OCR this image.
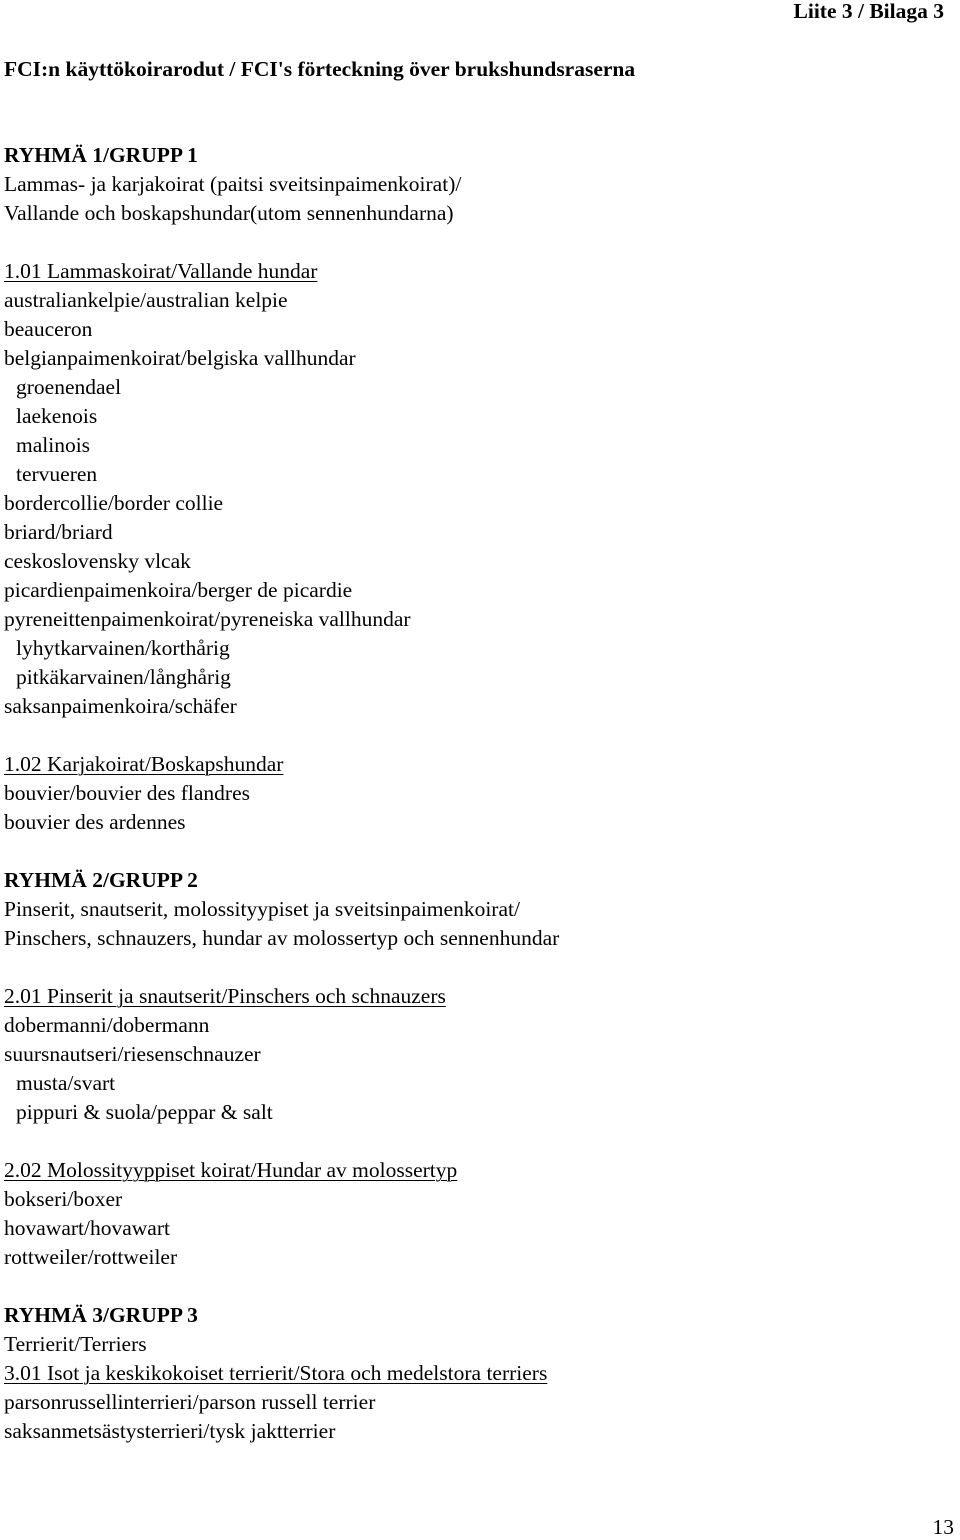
Liite 3 / Bilaga 3

FCI:n käyttökoirarodut / FCI's förteckning över brukshundsraserna

RYHMÄ 1/GRUPP 1

Lammas- ja karjakoirat (paitsi sveitsinpaimenkoirat)/

Vallande och boskapshundar(utom sennenhundarna)

1.01 Lammaskoirat/Vallande hundar

australiankelpie/australian kelpie

beauceron

belgianpaimenkoirat/belgiska vallhundar

groenendael

laekenois

malinois

tervueren

bordercollie/border collie

briard/briard

ceskoslovensky vlcak

picardienpaimenkoira/berger de picardie

pyreneittenpaimenkoirat/pyreneiska vallhundar

lyhytkarvainen/korthårig

pitkäkarvainen/långhårig

saksanpaimenkoira/schäfer

1.02 Karjakoirat/Boskapshundar

bouvier/bouvier des flandres

bouvier des ardennes

RYHMÄ 2/GRUPP 2

Pinserit, snautserit, molossityypiset ja sveitsinpaimenkoirat/

Pinschers, schnauzers, hundar av molossertyp och sennenhundar

2.01 Pinserit ja snautserit/Pinschers och schnauzers

dobermanni/dobermann

suursnautseri/riesenschnauzer

musta/svart

pippuri & suola/peppar & salt

2.02 Molossityyppiset koirat/Hundar av molossertyp

bokseri/boxer

hovawart/hovawart

rottweiler/rottweiler

RYHMÄ 3/GRUPP 3

Terrierit/Terriers

3.01 Isot ja keskikokoiset terrierit/Stora och medelstora terriers

parsonrussellinterrieri/parson russell terrier

saksanmetsästysterrieri/tysk jaktterrier

13
